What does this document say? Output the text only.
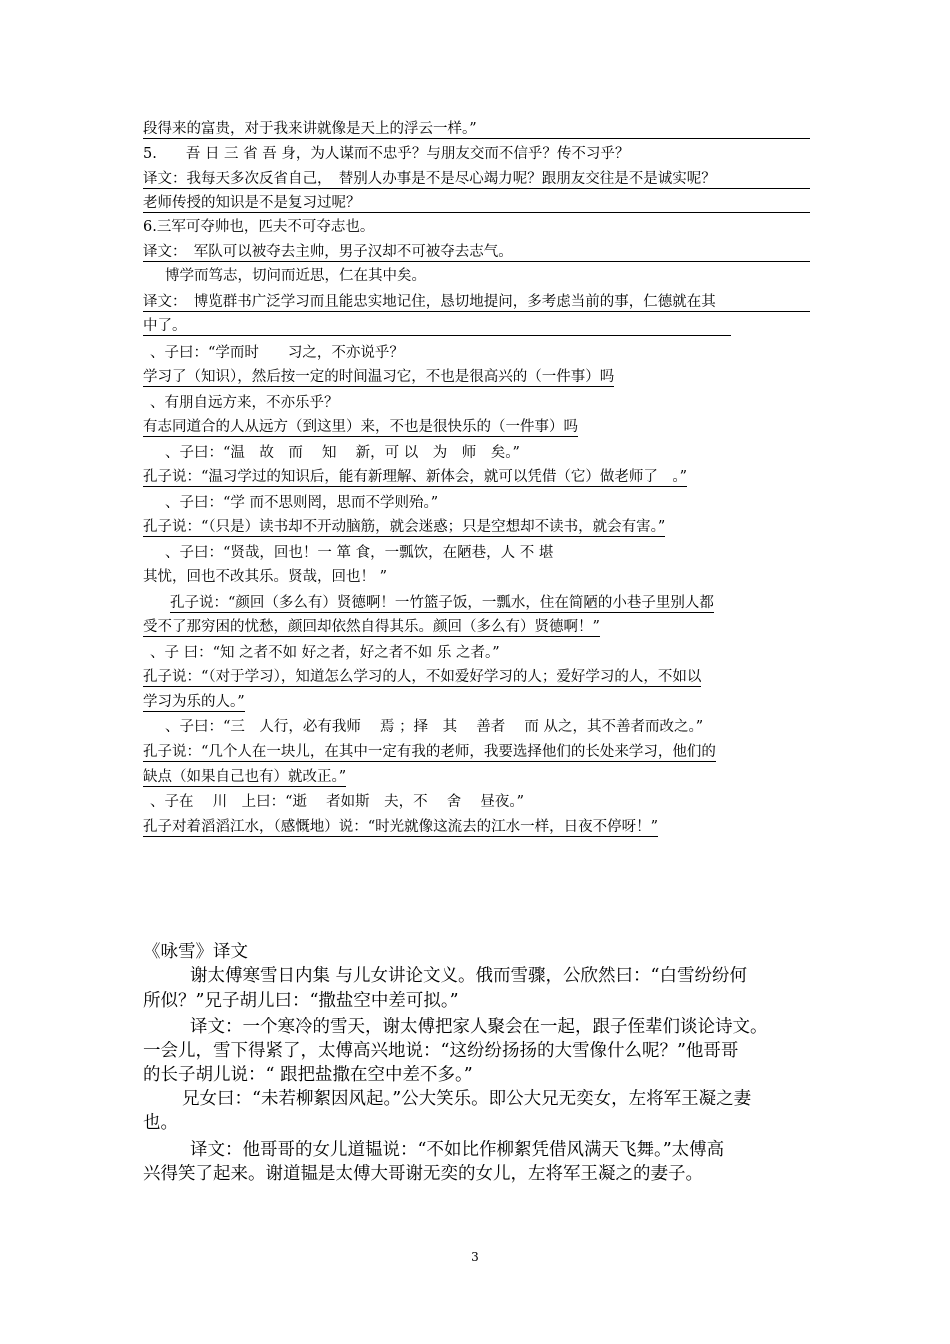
段得来的富贵，对于我来讲就像是天上的浮云一样。”
5.　　吾 日 三 省 吾 身，为人谋而不忠乎？与朋友交而不信乎？传不习乎？
译文：我每天多次反省自己，　替别人办事是不是尽心竭力呢？跟朋友交往是不是诚实呢？
老师传授的知识是不是复习过呢？
6.三军可夺帅也，匹夫不可夺志也。
译文：　军队可以被夺去主帅，男子汉却不可被夺去志气。
博学而笃志，切问而近思，仁在其中矣。
译文：　博览群书广泛学习而且能忠实地记住，恳切地提问，多考虑当前的事，仁德就在其
中了。
、子曰：“学而时　　习之，不亦说乎？
学习了（知识），然后按一定的时间温习它，不也是很高兴的（一件事）吗
、有朋自远方来，不亦乐乎？
有志同道合的人从远方（到这里）来，不也是很快乐的（一件事）吗
、子曰：“温　故　而　 知　 新，可 以　为　师　矣。”
孔子说：“温习学过的知识后，能有新理解、新体会，就可以凭借（它）做老师了　。”
、子曰：“学 而不思则罔，思而不学则殆。”
孔子说：“（只是）读书却不开动脑筋，就会迷惑；只是空想却不读书，就会有害。”
、子曰：“贤哉，回也！一 箪 食，一瓢饮，在陋巷，人 不 堪
其忧，回也不改其乐。贤哉，回也！ ”
孔子说：“颜回（多么有）贤德啊！一竹篮子饭，一瓢水，住在简陋的小巷子里别人都
受不了那穷困的忧愁，颜回却依然自得其乐。颜回（多么有）贤德啊！”
、子 曰：“知 之者不如 好之者，好之者不如 乐 之者。”
孔子说：“（对于学习），知道怎么学习的人，不如爱好学习的人；爱好学习的人，不如以
学习为乐的人。”
、子曰：“三　人行，必有我师　 焉 ；择　其　 善者　 而 从之，其不善者而改之。”
孔子说：“几个人在一块儿，在其中一定有我的老师，我要选择他们的长处来学习，他们的
缺点（如果自己也有）就改正。”
、子在　 川　上曰：“逝　 者如斯　夫，不　 舍　 昼夜。”
孔子对着滔滔江水，（感慨地）说：“时光就像这流去的江水一样，日夜不停呀！”
《咏雪》译文
谢太傅寒雪日内集 与儿女讲论文义。俄而雪骤，公欣然曰：“白雪纷纷何
所似？”兄子胡儿曰：“撒盐空中差可拟。”
译文：一个寒冷的雪天，谢太傅把家人聚会在一起，跟子侄辈们谈论诗文。
一会儿，雪下得紧了，太傅高兴地说：“这纷纷扬扬的大雪像什么呢？”他哥哥
的长子胡儿说：“ 跟把盐撒在空中差不多。”
兄女曰：“未若柳絮因风起。”公大笑乐。即公大兄无奕女，左将军王凝之妻
也。
译文：他哥哥的女儿道韫说：“不如比作柳絮凭借风满天飞舞。”太傅高
兴得笑了起来。谢道韫是太傅大哥谢无奕的女儿，左将军王凝之的妻子。
3
